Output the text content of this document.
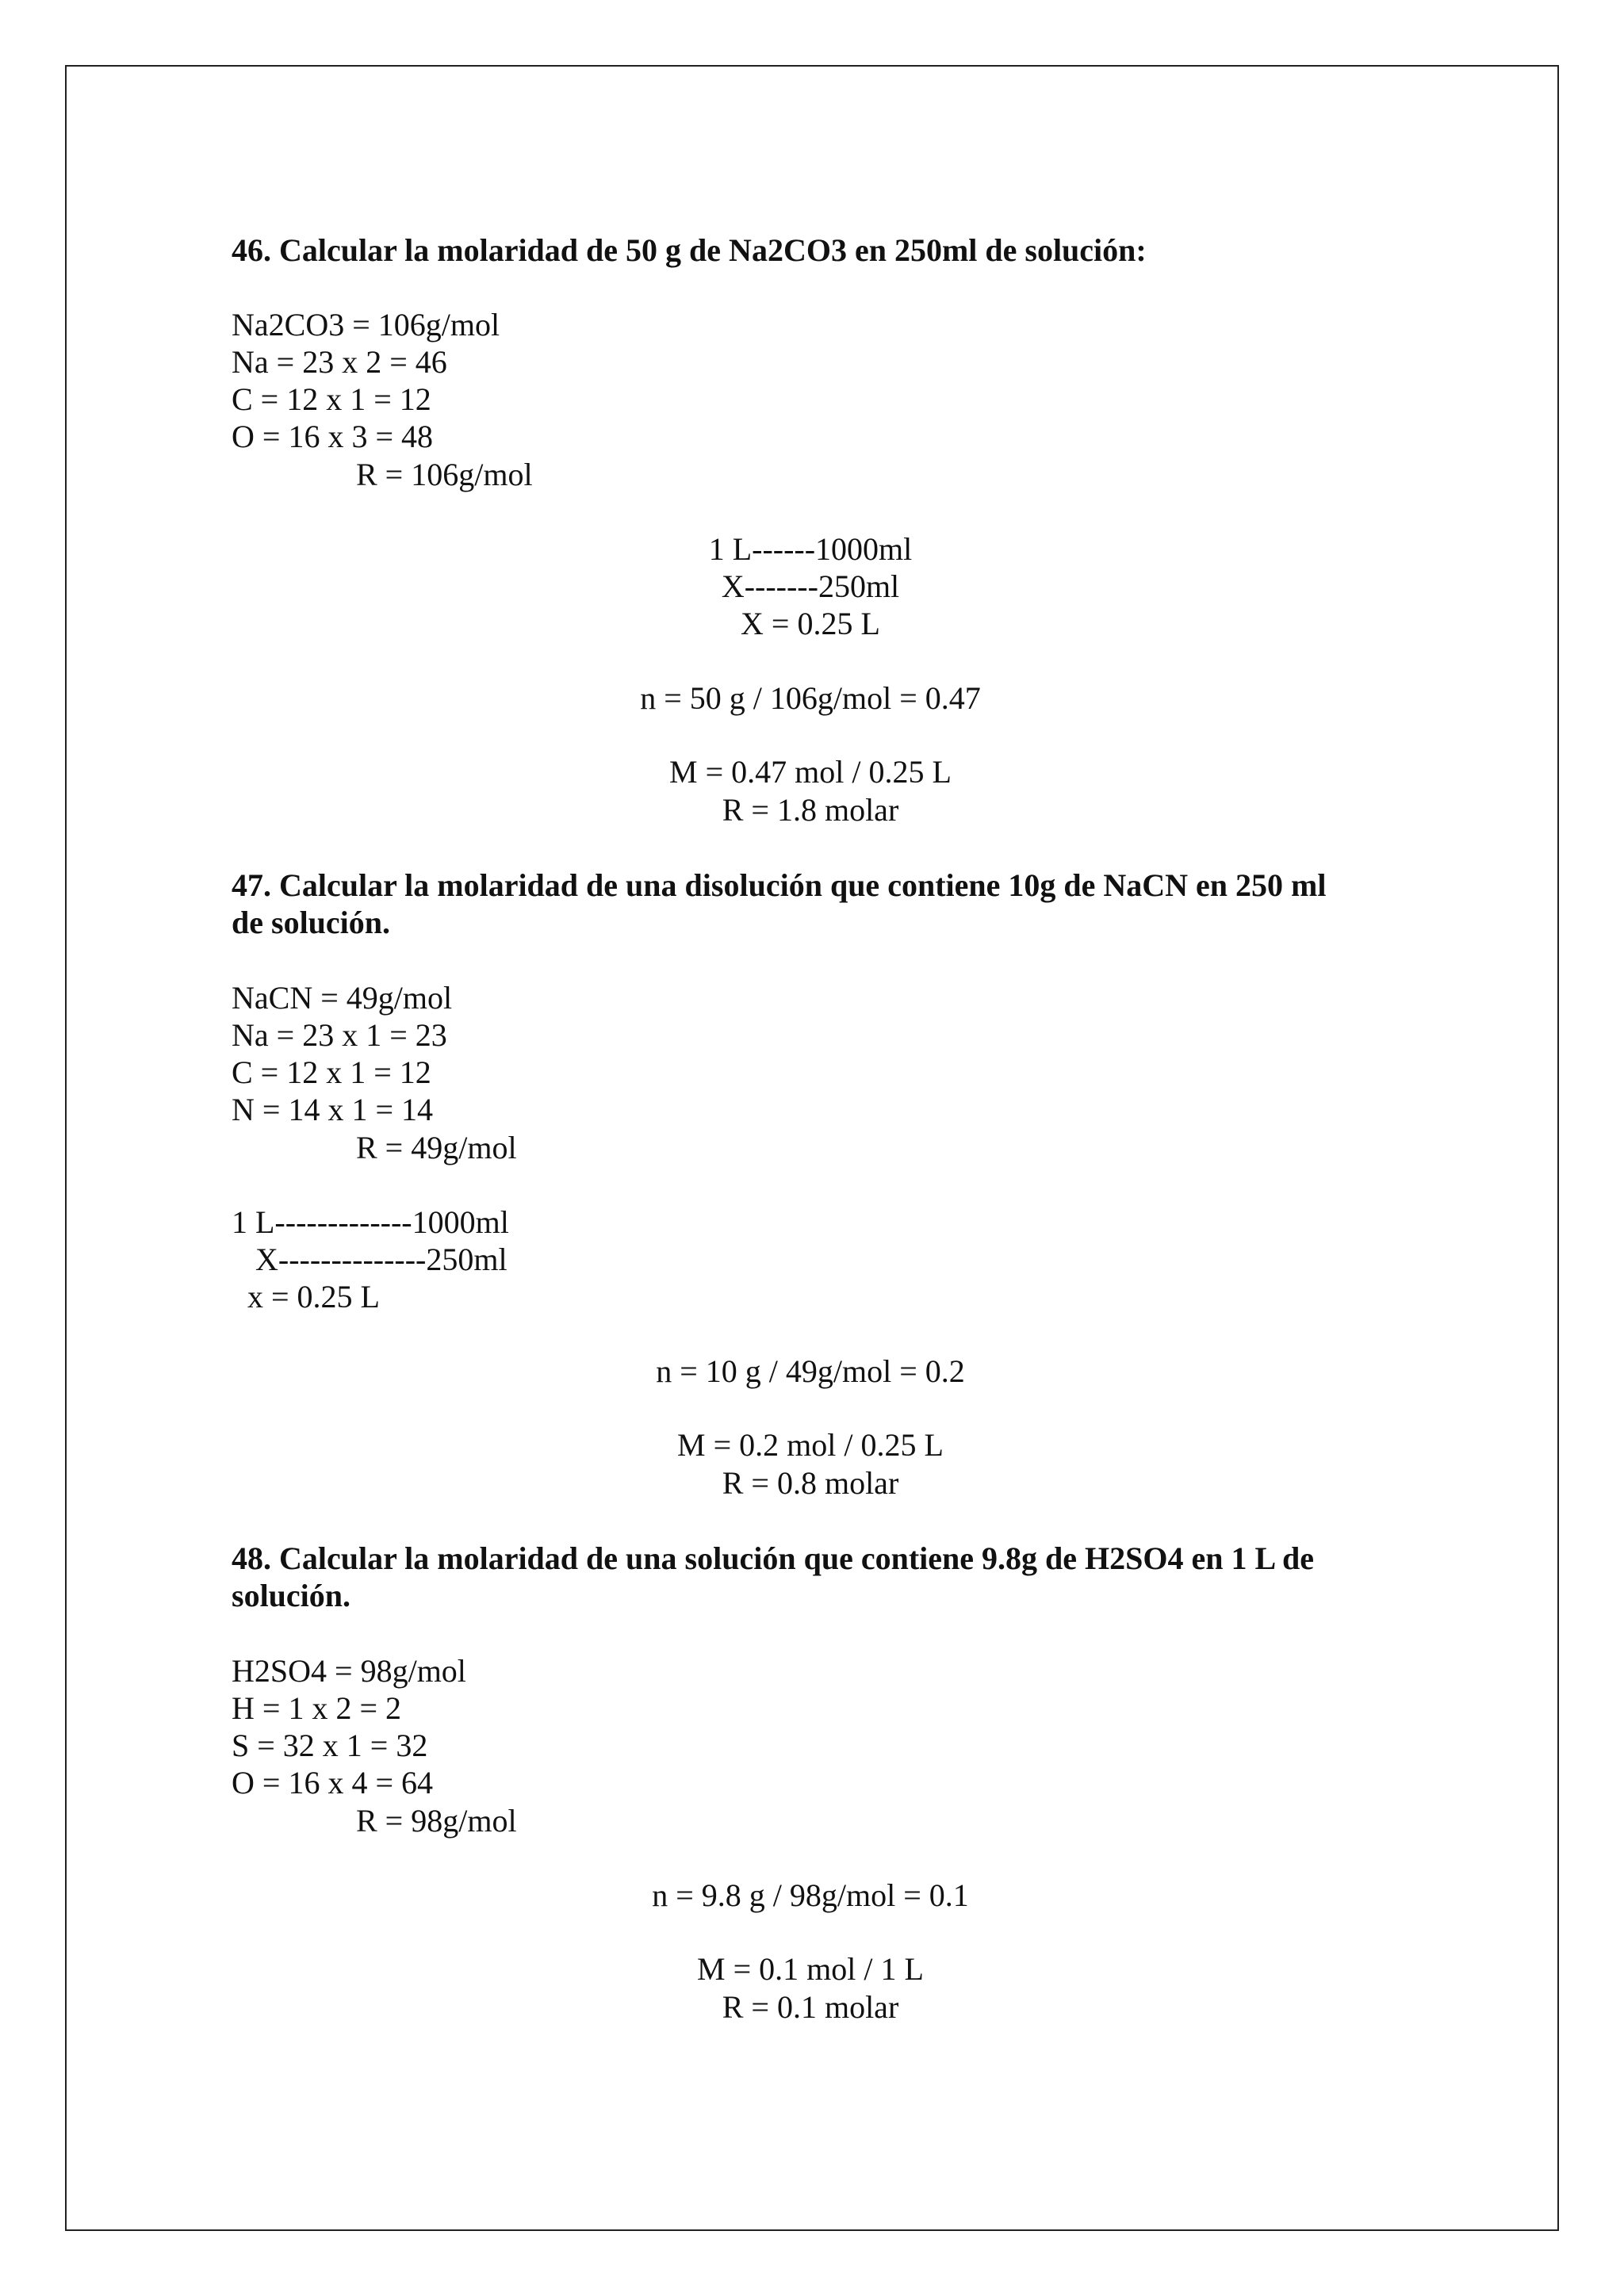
46. Calcular la molaridad de 50 g de Na2CO3 en 250ml de solución:
Na2CO3 = 106g/mol
Na = 23 x 2 = 46
C = 12 x 1 = 12
O = 16 x 3 = 48
R = 106g/mol
1 L------1000ml
X-------250ml
X = 0.25 L
n = 50 g / 106g/mol = 0.47
M = 0.47 mol / 0.25 L
R = 1.8 molar
47. Calcular la molaridad de una disolución que contiene 10g de NaCN en 250 ml
de solución.
NaCN = 49g/mol
Na = 23 x 1 = 23
C = 12 x 1 = 12
N = 14 x 1 = 14
R = 49g/mol
1 L-------------1000ml
X--------------250ml
x = 0.25 L
n = 10 g / 49g/mol = 0.2
M = 0.2 mol / 0.25 L
R = 0.8 molar
48. Calcular la molaridad de una solución que contiene 9.8g de H2SO4 en 1 L de
solución.
H2SO4 = 98g/mol
H = 1 x 2 = 2
S = 32 x 1 = 32
O = 16 x 4 = 64
R = 98g/mol
n = 9.8 g / 98g/mol = 0.1
M = 0.1 mol / 1 L
R = 0.1 molar
